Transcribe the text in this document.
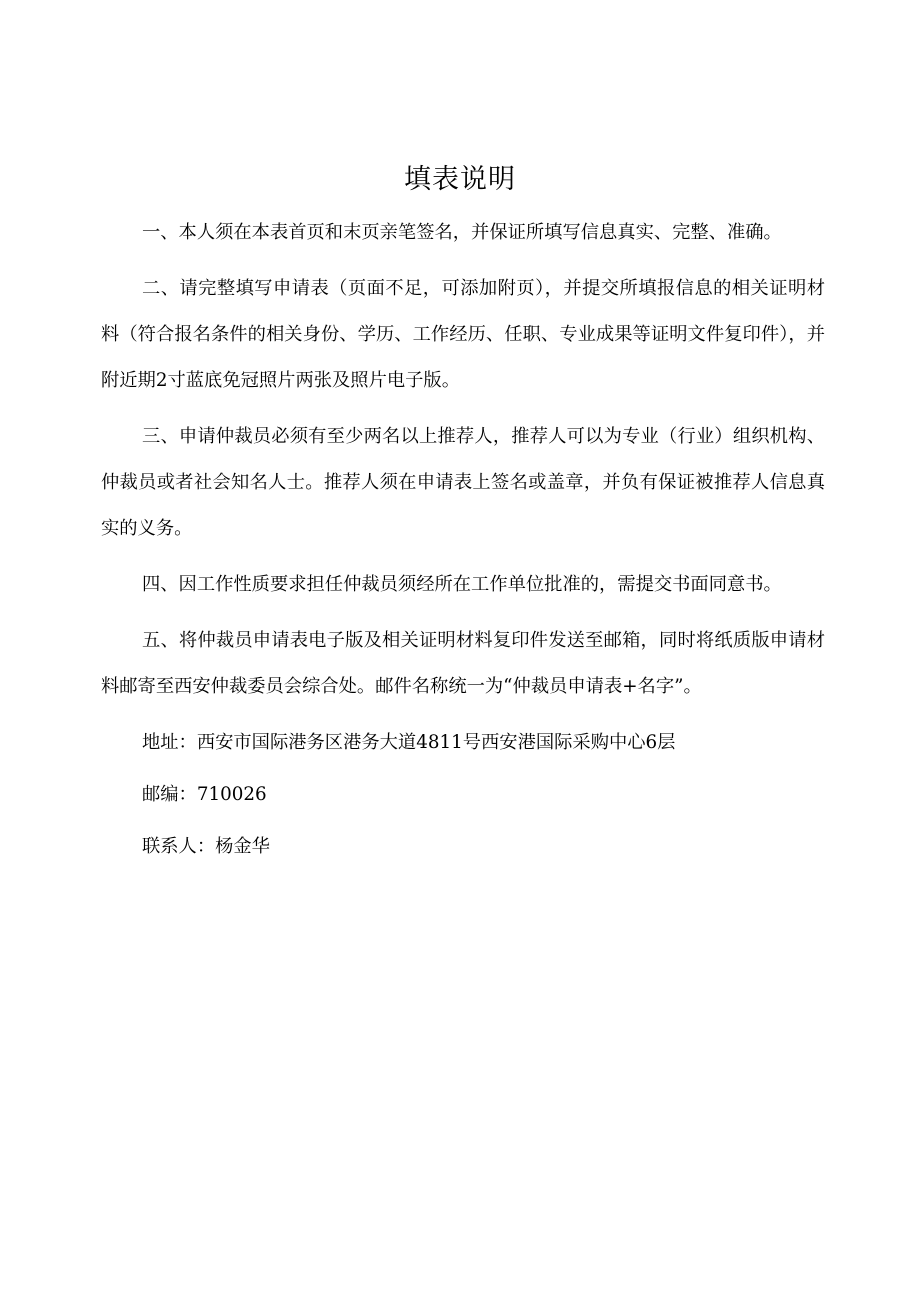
填表说明

一、本人须在本表首页和末页亲笔签名，并保证所填写信息真实、完整、准确。

二、请完整填写申请表（页面不足，可添加附页），并提交所填报信息的相关证明材料（符合报名条件的相关身份、学历、工作经历、任职、专业成果等证明文件复印件），并附近期2寸蓝底免冠照片两张及照片电子版。

三、申请仲裁员必须有至少两名以上推荐人，推荐人可以为专业（行业）组织机构、仲裁员或者社会知名人士。推荐人须在申请表上签名或盖章，并负有保证被推荐人信息真实的义务。

四、因工作性质要求担任仲裁员须经所在工作单位批准的，需提交书面同意书。

五、将仲裁员申请表电子版及相关证明材料复印件发送至邮箱，同时将纸质版申请材料邮寄至西安仲裁委员会综合处。邮件名称统一为“仲裁员申请表+名字”。

地址：西安市国际港务区港务大道4811号西安港国际采购中心6层

邮编：710026

联系人：杨金华
